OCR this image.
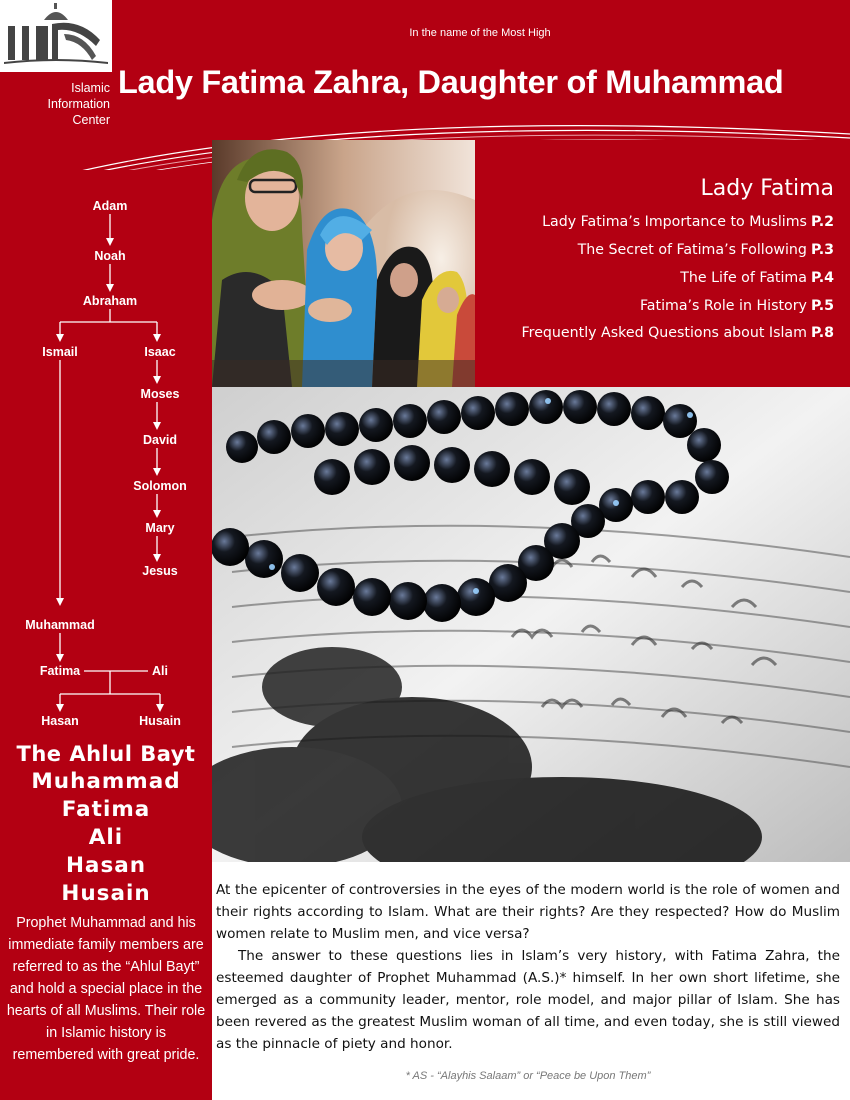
Islamic
Information
Center
In the name of the Most High
Lady Fatima Zahra, Daughter of Muhammad
Adam
Noah
Abraham
Ismail	Isaac
Moses
David
Solomon
Mary
Jesus
Muhammad
Fatima	Ali
Hasan	Husain
The Ahlul Bayt
Muhammad
Fatima
Ali
Hasan
Husain
Prophet Muhammad and his immediate family members are referred to as the “Ahlul Bayt” and hold a special place in the hearts of all Muslims. Their role in Islamic history is remembered with great pride.
Lady Fatima
Lady Fatima’s Importance to Muslims P.2
The Secret of Fatima’s Following P.3
The Life of Fatima P.4
Fatima’s Role in History P.5
Frequently Asked Questions about Islam P.8

At the epicenter of controversies in the eyes of the modern world is the role of women and their rights according to Islam. What are their rights? Are they respected? How do Muslim women relate to Muslim men, and vice versa?

The answer to these questions lies in Islam’s very history, with Fatima Zahra, the esteemed daughter of Prophet Muhammad (A.S.)* himself. In her own short lifetime, she emerged as a community leader, mentor, role model, and major pillar of Islam. She has been revered as the greatest Muslim woman of all time, and even today, she is still viewed as the pinnacle of piety and honor.

* AS - “Alayhis Salaam” or “Peace be Upon Them”
